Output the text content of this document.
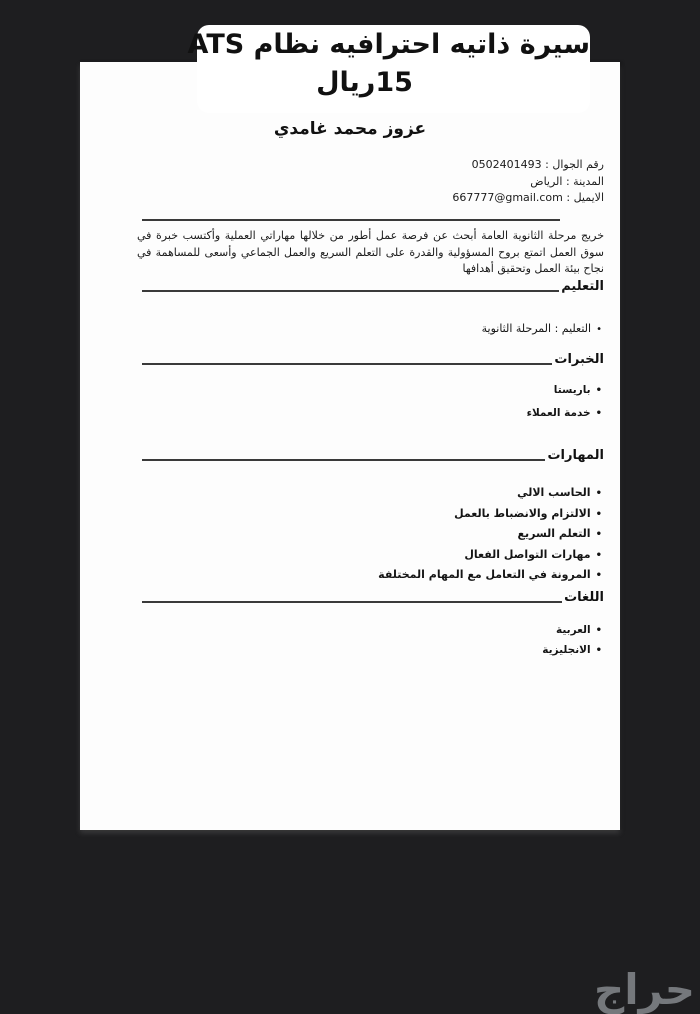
سيرة ذاتيه احترافيه نظام ATS
15ريال
عزوز محمد غامدي
رقم الجوال : 0502401493
المدينة : الرياض
الايميل : 667777@gmail.com
خريج مرحلة الثانوية العامة أبحث عن فرصة عمل أطور من خلالها مهاراتي العملية وأكتسب خبرة في سوق العمل اتمتع بروح المسؤولية والقدرة على التعلم السريع والعمل الجماعي وأسعى للمساهمة في نجاح بيئة العمل وتحقيق أهدافها
التعليم
• التعليم : المرحلة الثانوية
الخبرات
• باريستا
• خدمة العملاء
المهارات
• الحاسب الالي
• الالتزام والانضباط بالعمل
• التعلم السريع
• مهارات التواصل الفعال
• المرونة في التعامل مع المهام المختلفة
اللغات
• العربية
• الانجليزية
حراج
